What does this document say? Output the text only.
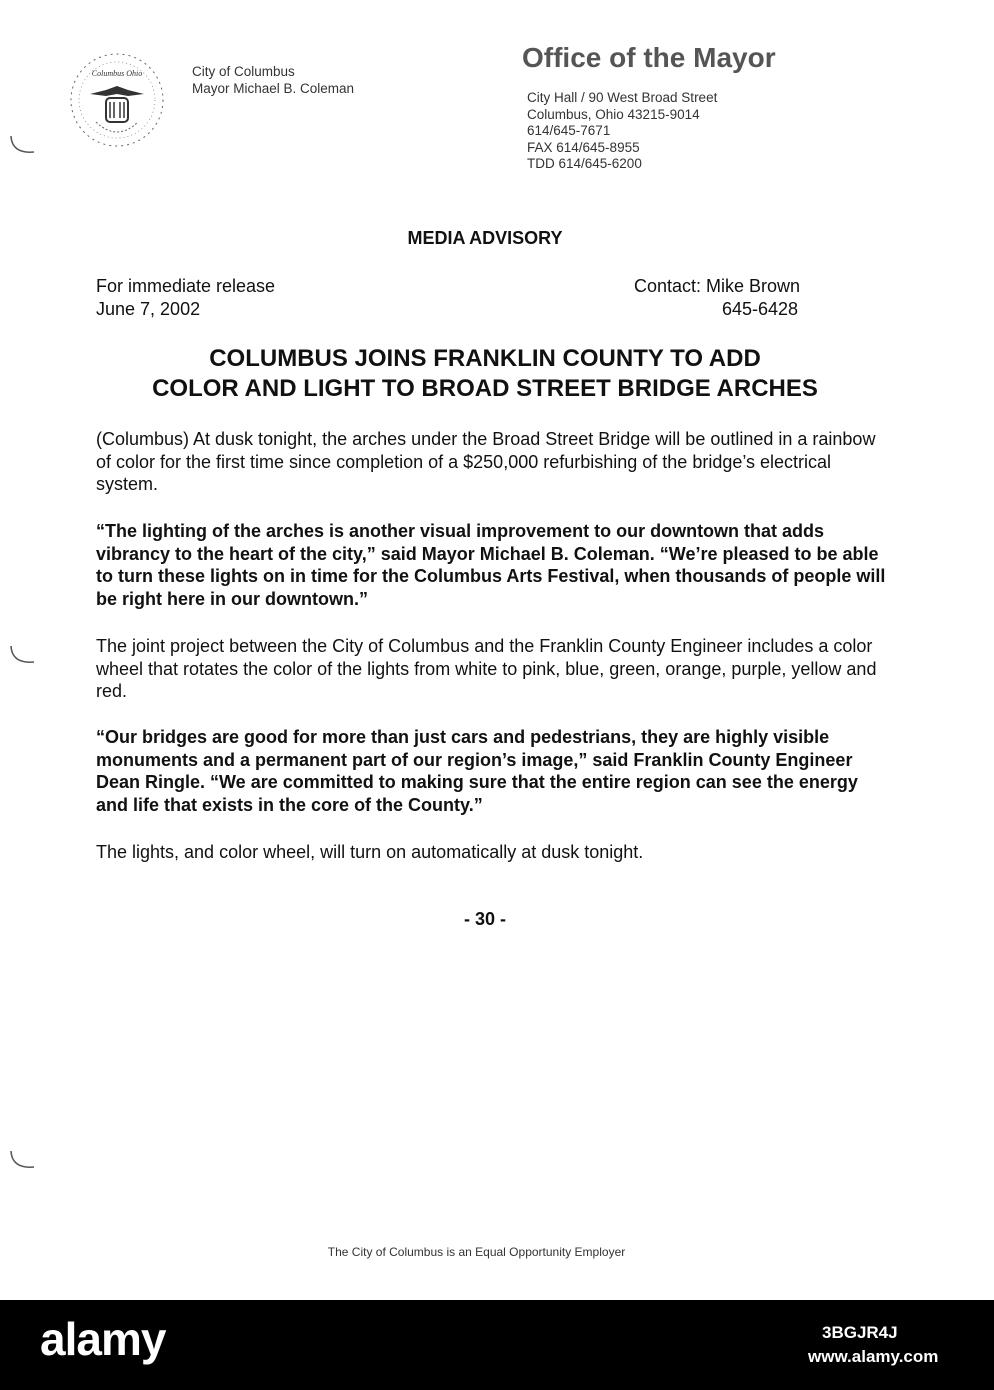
Columbus Ohio	City of Columbus
Mayor Michael B. Coleman
Office of the Mayor
City Hall / 90 West Broad Street
Columbus, Ohio 43215-9014
614/645-7671
FAX 614/645-8955
TDD 614/645-6200
MEDIA ADVISORY
For immediate release
June 7, 2002
Contact: Mike Brown
645-6428
COLUMBUS JOINS FRANKLIN COUNTY TO ADD
COLOR AND LIGHT TO BROAD STREET BRIDGE ARCHES
(Columbus) At dusk tonight, the arches under the Broad Street Bridge will be outlined in a rainbow of color for the first time since completion of a $250,000 refurbishing of the bridge’s electrical system.
“The lighting of the arches is another visual improvement to our downtown that adds vibrancy to the heart of the city,” said Mayor Michael B. Coleman. “We’re pleased to be able to turn these lights on in time for the Columbus Arts Festival, when thousands of people will be right here in our downtown.”
The joint project between the City of Columbus and the Franklin County Engineer includes a color wheel that rotates the color of the lights from white to pink, blue, green, orange, purple, yellow and red.
“Our bridges are good for more than just cars and pedestrians, they are highly visible monuments and a permanent part of our region’s image,” said Franklin County Engineer Dean Ringle. “We are committed to making sure that the entire region can see the energy and life that exists in the core of the County.”
The lights, and color wheel, will turn on automatically at dusk tonight.
- 30 -
The City of Columbus is an Equal Opportunity Employer
alamy	3BGJR4J
www.alamy.com
